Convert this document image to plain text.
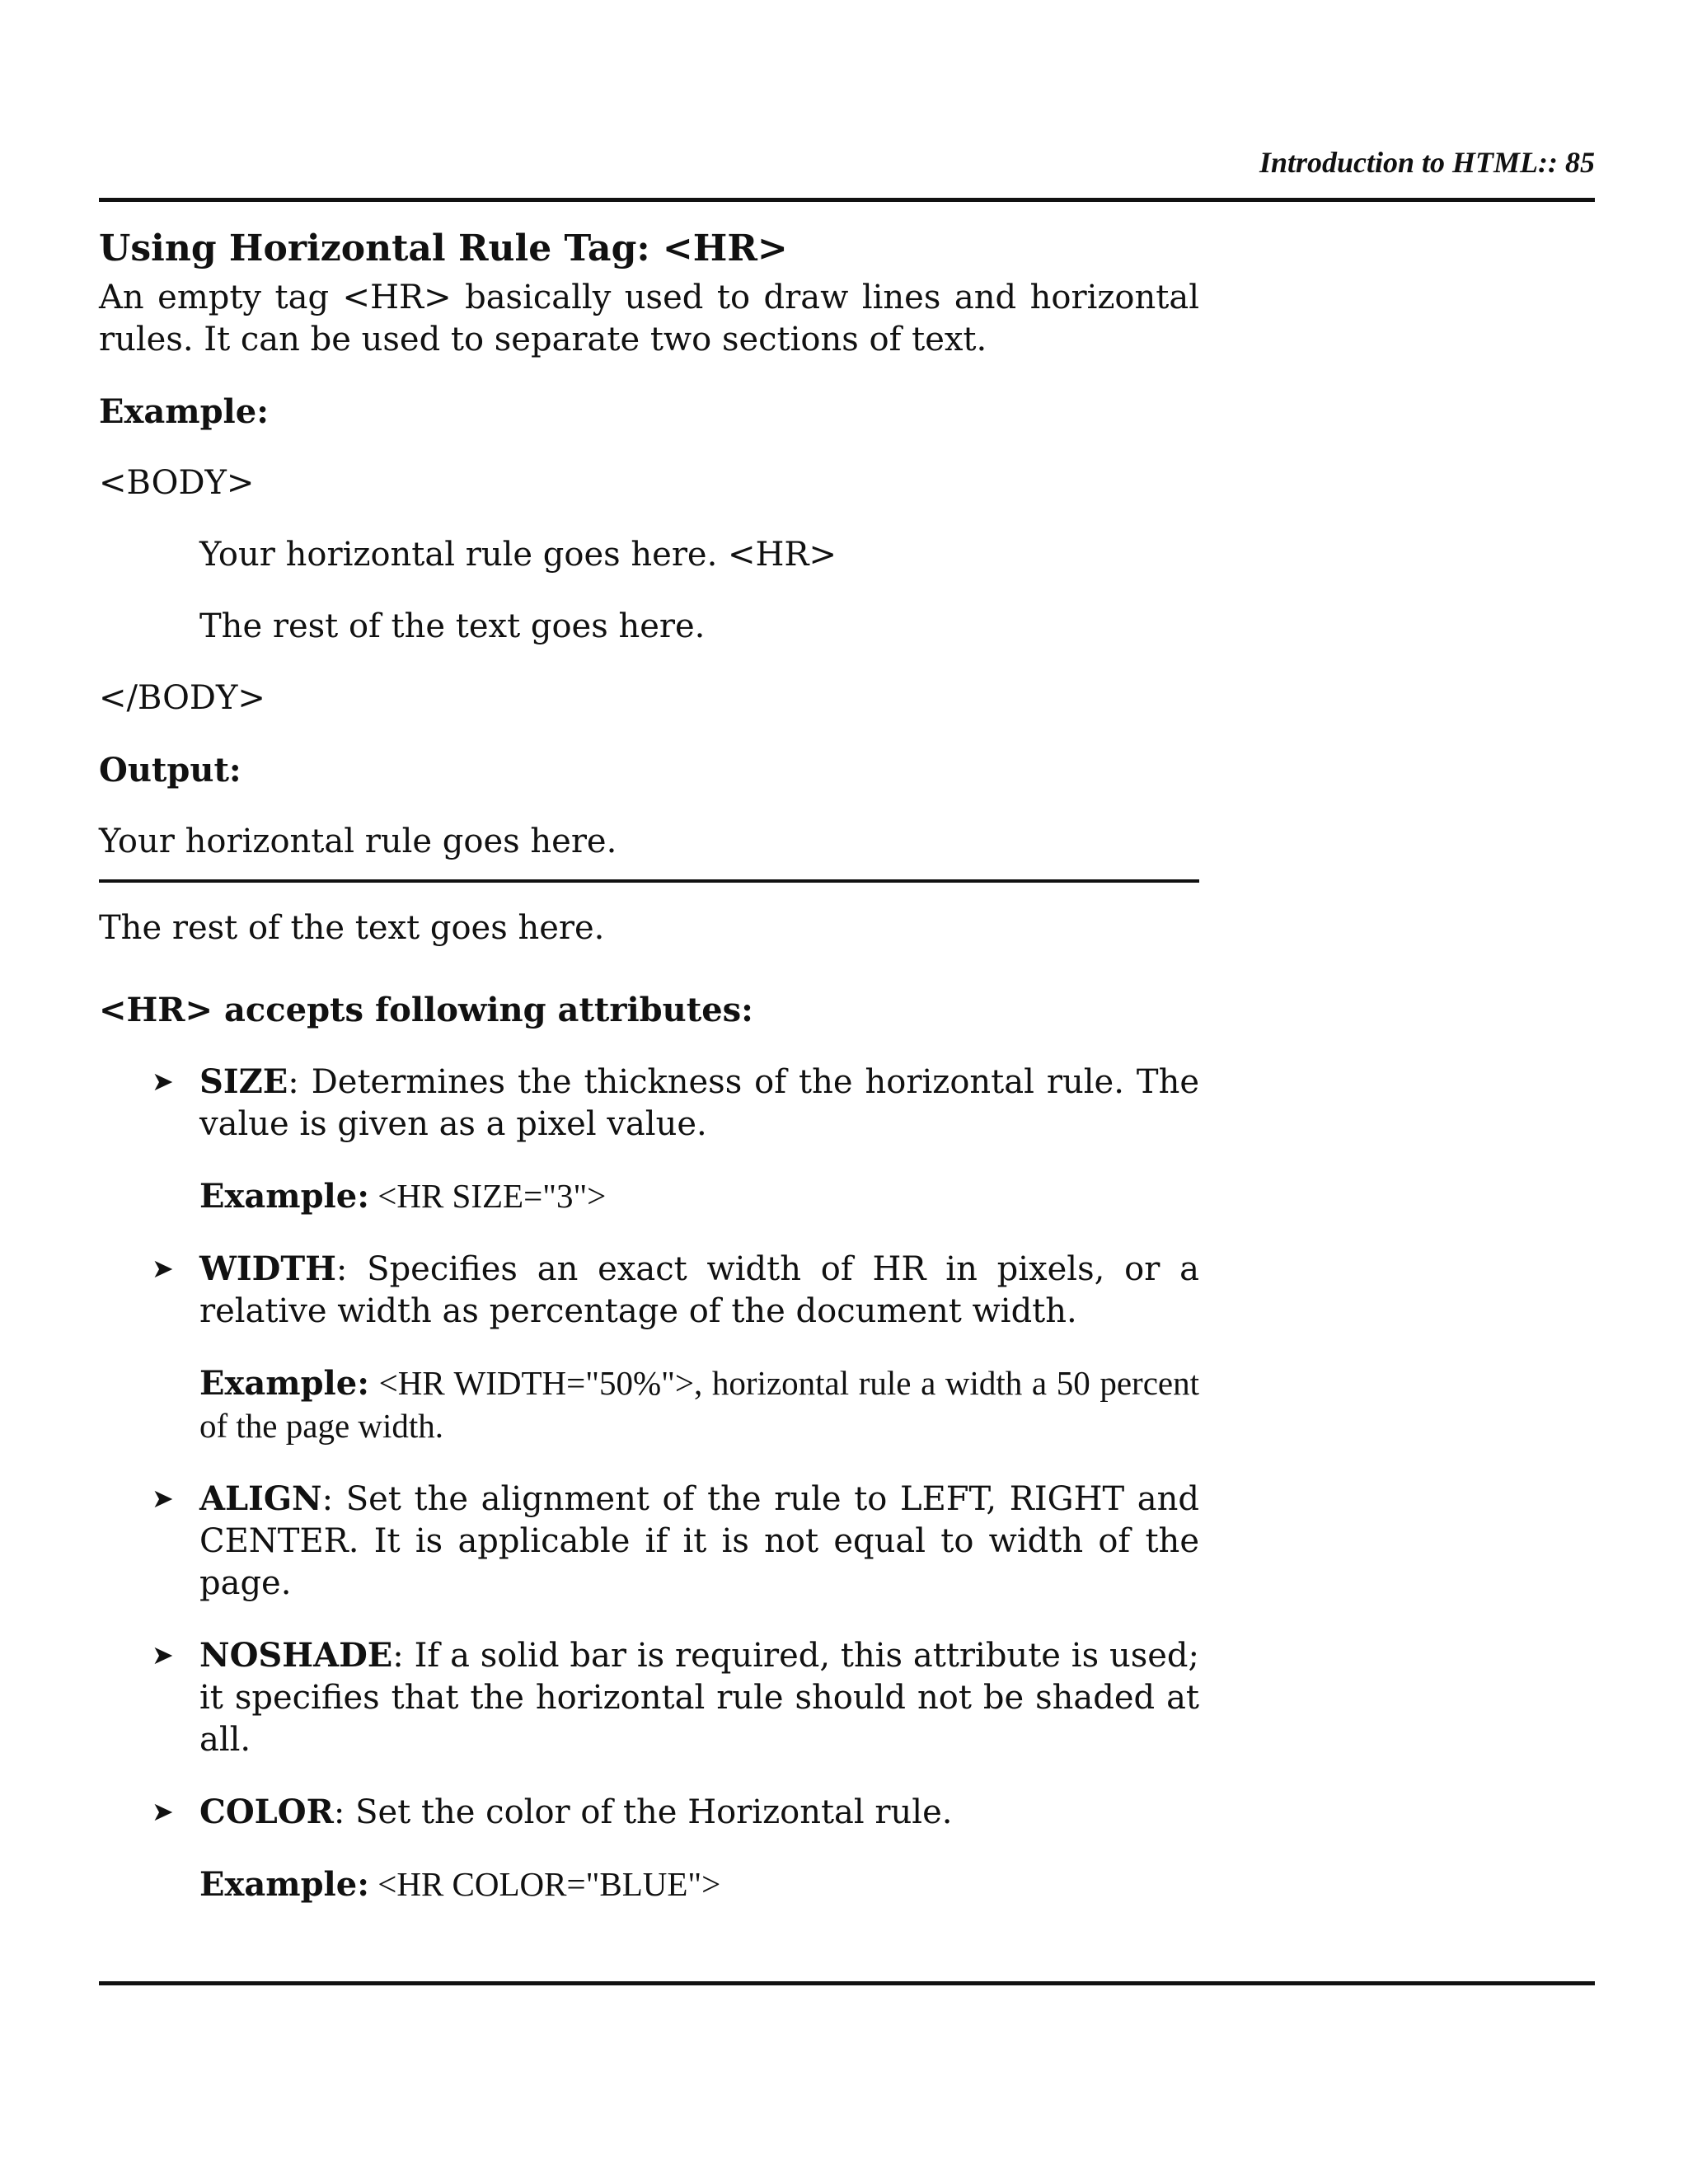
Introduction to HTML:: 85

Using Horizontal Rule Tag: <HR>

An empty tag <HR> basically used to draw lines and horizontal rules. It can be used to separate two sections of text.

Example:

<BODY>

Your horizontal rule goes here. <HR>

The rest of the text goes here.

</BODY>

Output:

Your horizontal rule goes here.

The rest of the text goes here.

<HR> accepts following attributes:

➤ SIZE: Determines the thickness of the horizontal rule. The value is given as a pixel value.

Example: <HR SIZE="3">

➤ WIDTH: Specifies an exact width of HR in pixels, or a relative width as percentage of the document width.

Example: <HR WIDTH="50%">, horizontal rule a width a 50 percent of the page width.

➤ ALIGN: Set the alignment of the rule to LEFT, RIGHT and CENTER. It is applicable if it is not equal to width of the page.

➤ NOSHADE: If a solid bar is required, this attribute is used; it specifies that the horizontal rule should not be shaded at all.

➤ COLOR: Set the color of the Horizontal rule.

Example: <HR COLOR="BLUE">
